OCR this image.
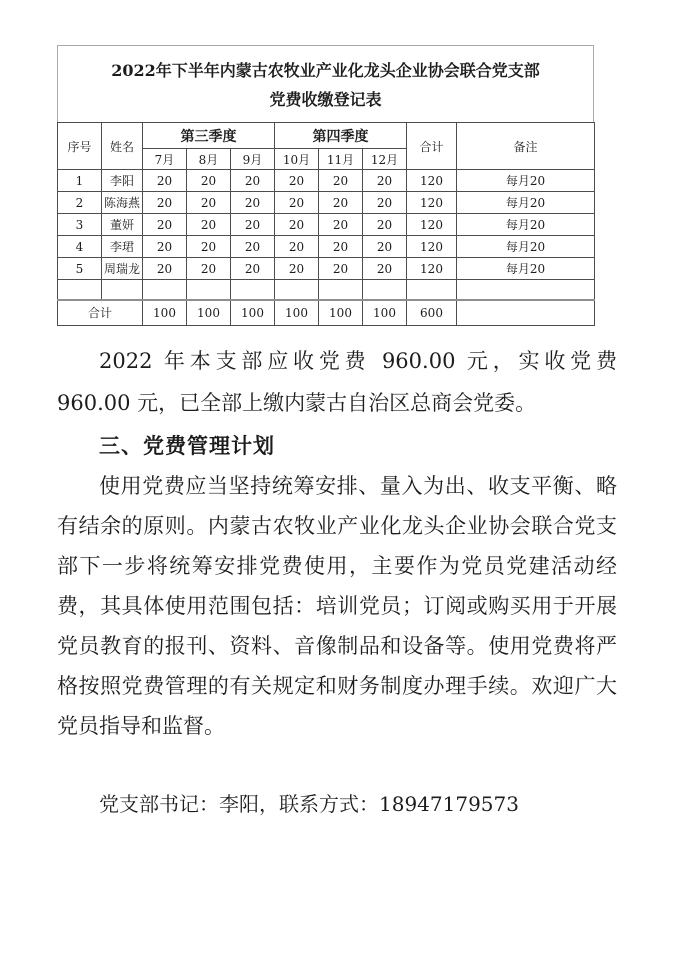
2022年下半年内蒙古农牧业产业化龙头企业协会联合党支部
党费收缴登记表
序号	姓名	第三季度			第四季度			合计	备注
		7月	8月	9月	10月	11月	12月		
1	李阳	20	20	20	20	20	20	120	每月20
2	陈海燕	20	20	20	20	20	20	120	每月20
3	董妍	20	20	20	20	20	20	120	每月20
4	李珺	20	20	20	20	20	20	120	每月20
5	周瑞龙	20	20	20	20	20	20	120	每月20

合计		100	100	100	100	100	100	600	

2022 年本支部应收党费 960.00 元，实收党费 960.00 元，已全部上缴内蒙古自治区总商会党委。

三、党费管理计划

使用党费应当坚持统筹安排、量入为出、收支平衡、略有结余的原则。内蒙古农牧业产业化龙头企业协会联合党支部下一步将统筹安排党费使用，主要作为党员党建活动经费，其具体使用范围包括：培训党员；订阅或购买用于开展党员教育的报刊、资料、音像制品和设备等。使用党费将严格按照党费管理的有关规定和财务制度办理手续。欢迎广大党员指导和监督。

党支部书记：李阳，联系方式：18947179573
